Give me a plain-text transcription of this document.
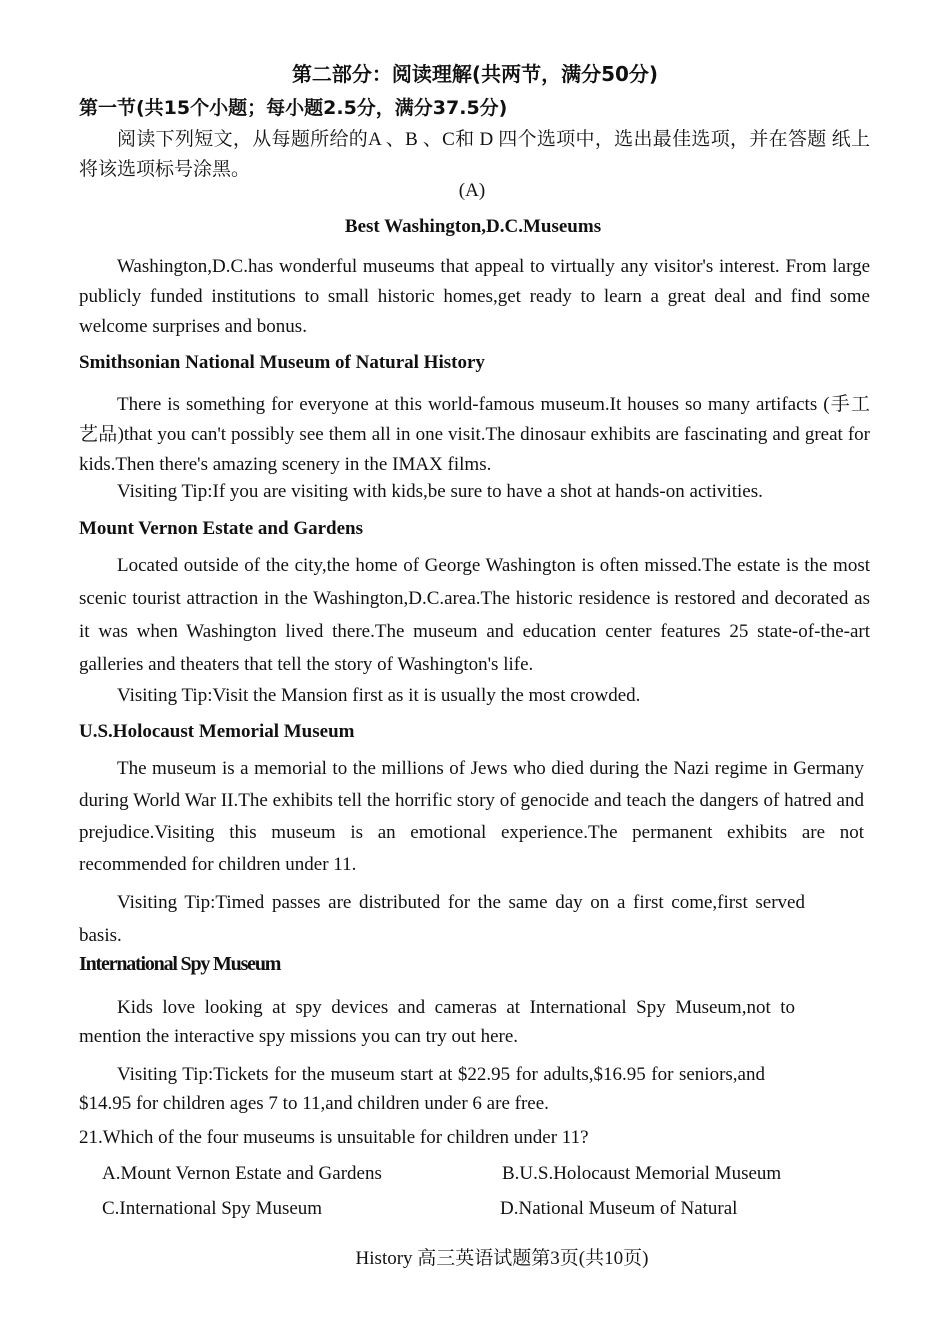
第二部分：阅读理解(共两节，满分50分)
第一节(共15个小题；每小题2.5分，满分37.5分)

阅读下列短文，从每题所给的A 、B 、C和 D 四个选项中，选出最佳选项，并在答题 纸上将该选项标号涂黑。

(A)
Best Washington,D.C.Museums

Washington,D.C.has wonderful museums that appeal to virtually any visitor's interest. From large publicly funded institutions to small historic homes,get ready to learn a great deal and find some welcome surprises and bonus.

Smithsonian National Museum of Natural History

There is something for everyone at this world-famous museum.It houses so many artifacts (手工艺品)that you can't possibly see them all in one visit.The dinosaur exhibits are fascinating and great for kids.Then there's amazing scenery in the IMAX films.

Visiting Tip:If you are visiting with kids,be sure to have a shot at hands-on activities.

Mount Vernon Estate and Gardens

Located outside of the city,the home of George Washington is often missed.The estate is the most scenic tourist attraction in the Washington,D.C.area.The historic residence is restored and decorated as it was when Washington lived there.The museum and education center features 25 state-of-the-art galleries and theaters that tell the story of Washington's life.

Visiting Tip:Visit the Mansion first as it is usually the most crowded.

U.S.Holocaust Memorial Museum

The museum is a memorial to the millions of Jews who died during the Nazi regime in Germany during World War II.The exhibits tell the horrific story of genocide and teach the dangers of hatred and prejudice.Visiting this museum is an emotional experience.The permanent exhibits are not recommended for children under 11.

Visiting Tip:Timed passes are distributed for the same day on a first come,first served basis.

International Spy Museum

Kids love looking at spy devices and cameras at International Spy Museum,not to mention the interactive spy missions you can try out here.

Visiting Tip:Tickets for the museum start at $22.95 for adults,$16.95 for seniors,and $14.95 for children ages 7 to 11,and children under 6 are free.

21.Which of the four museums is unsuitable for children under 11?
A.Mount Vernon Estate and Gardens	B.U.S.Holocaust Memorial Museum
C.International Spy Museum	D.National Museum of Natural
History 高三英语试题第3页(共10页)
